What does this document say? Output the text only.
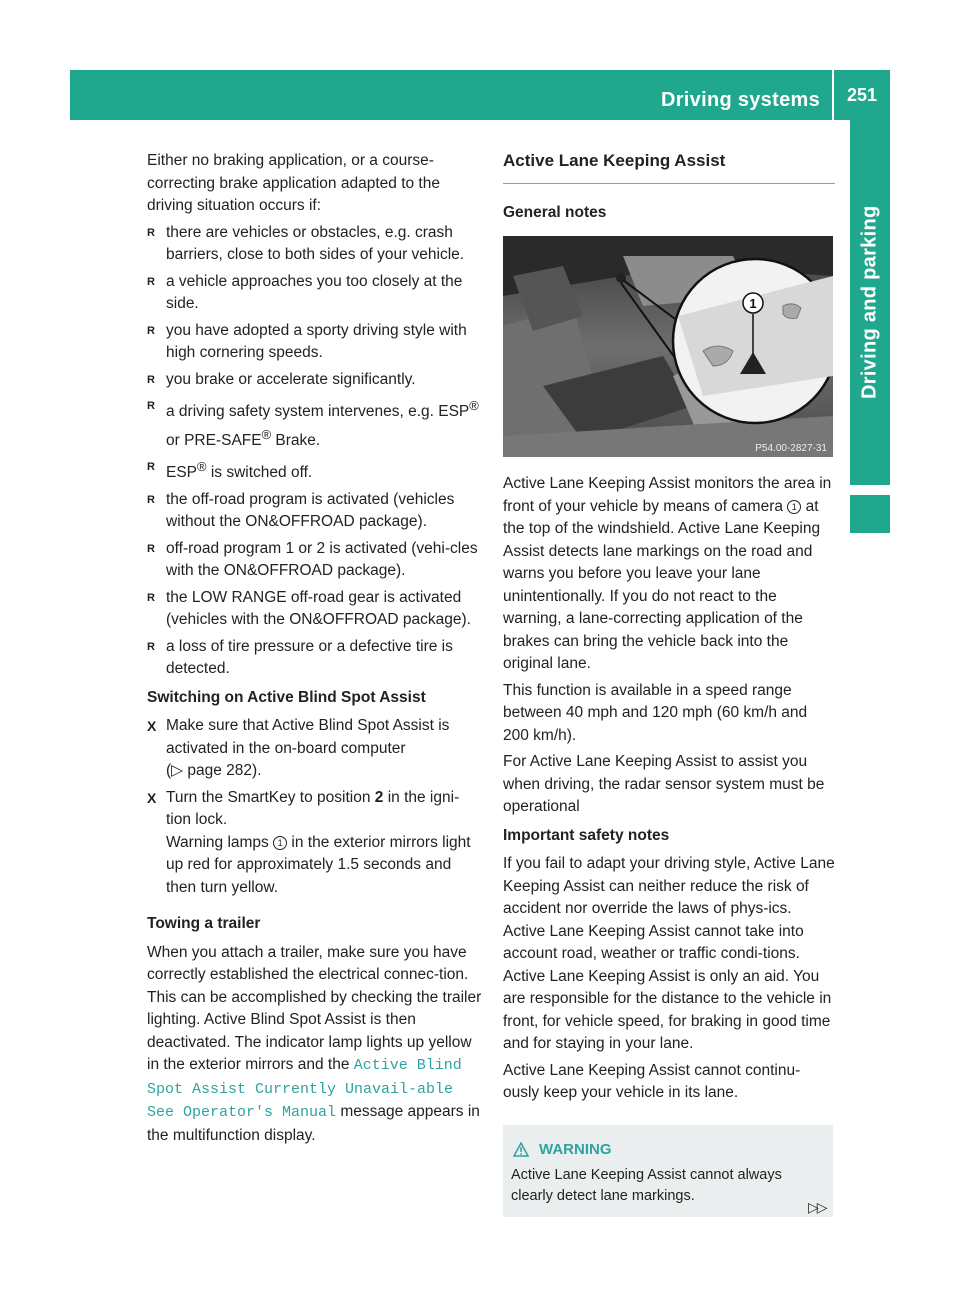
Driving systems	251
Driving and parking

Either no braking application, or a course-correcting brake application adapted to the driving situation occurs if:

R there are vehicles or obstacles, e.g. crash barriers, close to both sides of your vehicle.
R a vehicle approaches you too closely at the side.
R you have adopted a sporty driving style with high cornering speeds.
R you brake or accelerate significantly.
R a driving safety system intervenes, e.g. ESP® or PRE-SAFE® Brake.
R ESP® is switched off.
R the off-road program is activated (vehicles without the ON&OFFROAD package).
R off-road program 1 or 2 is activated (vehi-cles with the ON&OFFROAD package).
R the LOW RANGE off-road gear is activated (vehicles with the ON&OFFROAD package).
R a loss of tire pressure or a defective tire is detected.
Switching on Active Blind Spot Assist
X Make sure that Active Blind Spot Assist is activated in the on-board computer
(▷ page 282).
X Turn the SmartKey to position 2 in the igni-tion lock.
Warning lamps 1 in the exterior mirrors light up red for approximately 1.5 seconds and then turn yellow.
Towing a trailer

When you attach a trailer, make sure you have correctly established the electrical connec-tion. This can be accomplished by checking the trailer lighting. Active Blind Spot Assist is then deactivated. The indicator lamp lights up yellow in the exterior mirrors and the Active Blind Spot Assist Currently Unavail‐able See Operator's Manual message appears in the multifunction display.

Active Lane Keeping Assist
General notes
1
P54.00-2827-31

Active Lane Keeping Assist monitors the area in front of your vehicle by means of camera 1 at the top of the windshield. Active Lane Keeping Assist detects lane markings on the road and warns you before you leave your lane unintentionally. If you do not react to the warning, a lane-correcting application of the brakes can bring the vehicle back into the original lane.

This function is available in a speed range between 40 mph and 120 mph (60 km/h and 200 km/h).

For Active Lane Keeping Assist to assist you when driving, the radar sensor system must be operational

Important safety notes

If you fail to adapt your driving style, Active Lane Keeping Assist can neither reduce the risk of accident nor override the laws of phys-ics. Active Lane Keeping Assist cannot take into account road, weather or traffic condi-tions. Active Lane Keeping Assist is only an aid. You are responsible for the distance to the vehicle in front, for vehicle speed, for braking in good time and for staying in your lane.

Active Lane Keeping Assist cannot continu-ously keep your vehicle in its lane.

WARNING
Active Lane Keeping Assist cannot always clearly detect lane markings.
▷▷
